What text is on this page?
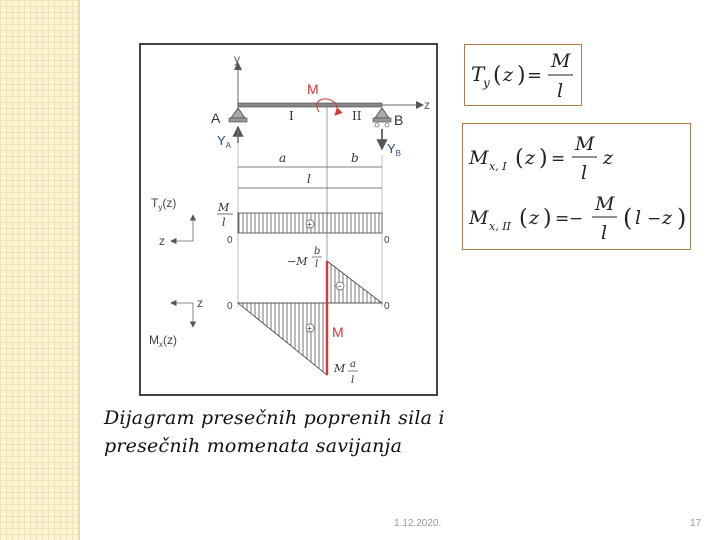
y
z
A
$Y_A$
B
$Y_B$
M
I	II
a	b
l
$T_y(z)$
z
M
l
0	0
+
M
−
+
−M
b
l
M a
l
0	0
z
$M_x(z)$
T
y ( z ) =
M
l
M x, I ( z ) =
M
l
z
M x, II ( z ) = −
M
l
( l − z )
Dijagram presečnih poprenih sila i
presečnih momenata savijanja
1.12.2020.	17
